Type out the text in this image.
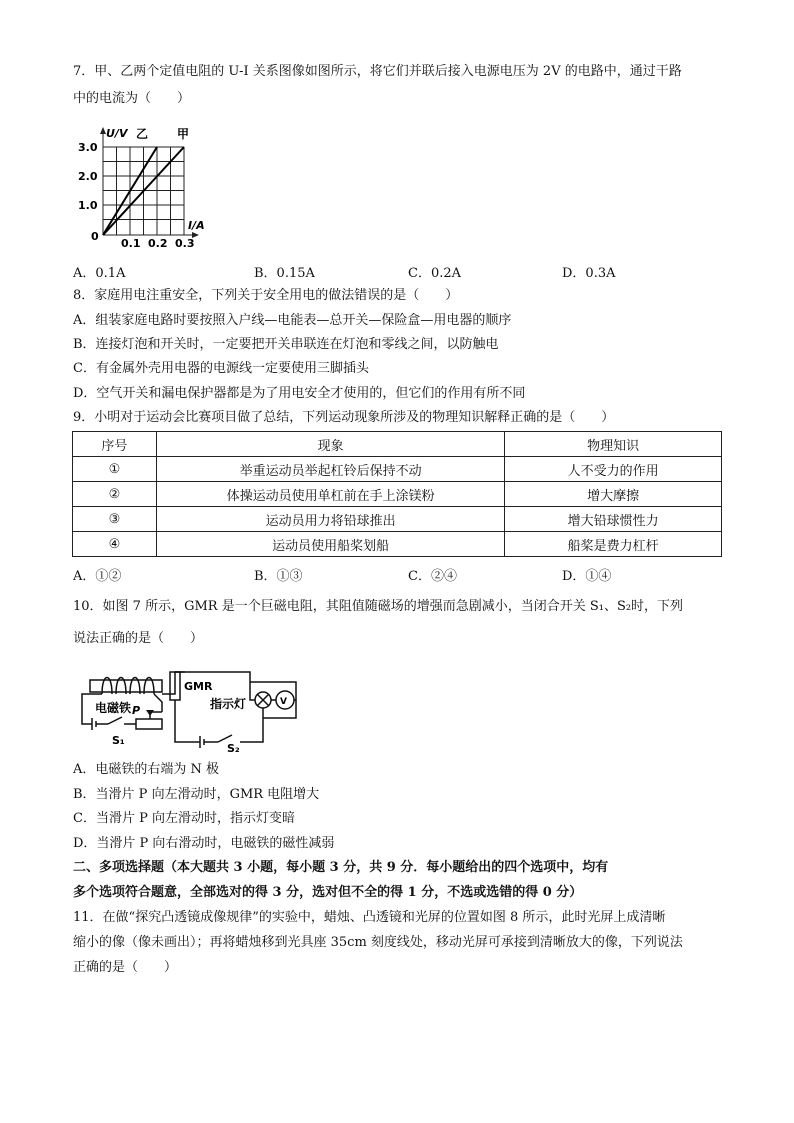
7．甲、乙两个定值电阻的 U-I 关系图像如图所示，将它们并联后接入电源电压为 2V 的电路中，通过干路
中的电流为（　　）
U/V 乙 甲
3.0
2.0
1.0
0
0.1 0.2 0.3
I/A
A．0.1A	B．0.15A	C．0.2A	D．0.3A
8．家庭用电注重安全，下列关于安全用电的做法错误的是（　　）
A．组装家庭电路时要按照入户线—电能表—总开关—保险盒—用电器的顺序
B．连接灯泡和开关时，一定要把开关串联连在灯泡和零线之间，以防触电
C．有金属外壳用电器的电源线一定要使用三脚插头
D．空气开关和漏电保护器都是为了用电安全才使用的，但它们的作用有所不同
9．小明对于运动会比赛项目做了总结，下列运动现象所涉及的物理知识解释正确的是（　　）
序号	现象	物理知识
①	举重运动员举起杠铃后保持不动	人不受力的作用
②	体操运动员使用单杠前在手上涂镁粉	增大摩擦
③	运动员用力将铅球推出	增大铅球惯性力
④	运动员使用船桨划船	船桨是费力杠杆
A．①②	B．①③	C．②④	D．①④
10．如图 7 所示，GMR 是一个巨磁电阻，其阻值随磁场的增强而急剧减小，当闭合开关 S₁、S₂时，下列
说法正确的是（　　）
电磁铁 P
S₁
GMR
指示灯	V
S₂
A．电磁铁的右端为 N 极
B．当滑片 P 向左滑动时，GMR 电阻增大
C．当滑片 P 向左滑动时，指示灯变暗
D．当滑片 P 向右滑动时，电磁铁的磁性减弱
二、多项选择题（本大题共 3 小题，每小题 3 分，共 9 分．每小题给出的四个选项中，均有
多个选项符合题意，全部选对的得 3 分，选对但不全的得 1 分，不选或选错的得 0 分）
11．在做“探究凸透镜成像规律”的实验中，蜡烛、凸透镜和光屏的位置如图 8 所示，此时光屏上成清晰
缩小的像（像未画出）；再将蜡烛移到光具座 35cm 刻度线处，移动光屏可承接到清晰放大的像，下列说法
正确的是（　　）
